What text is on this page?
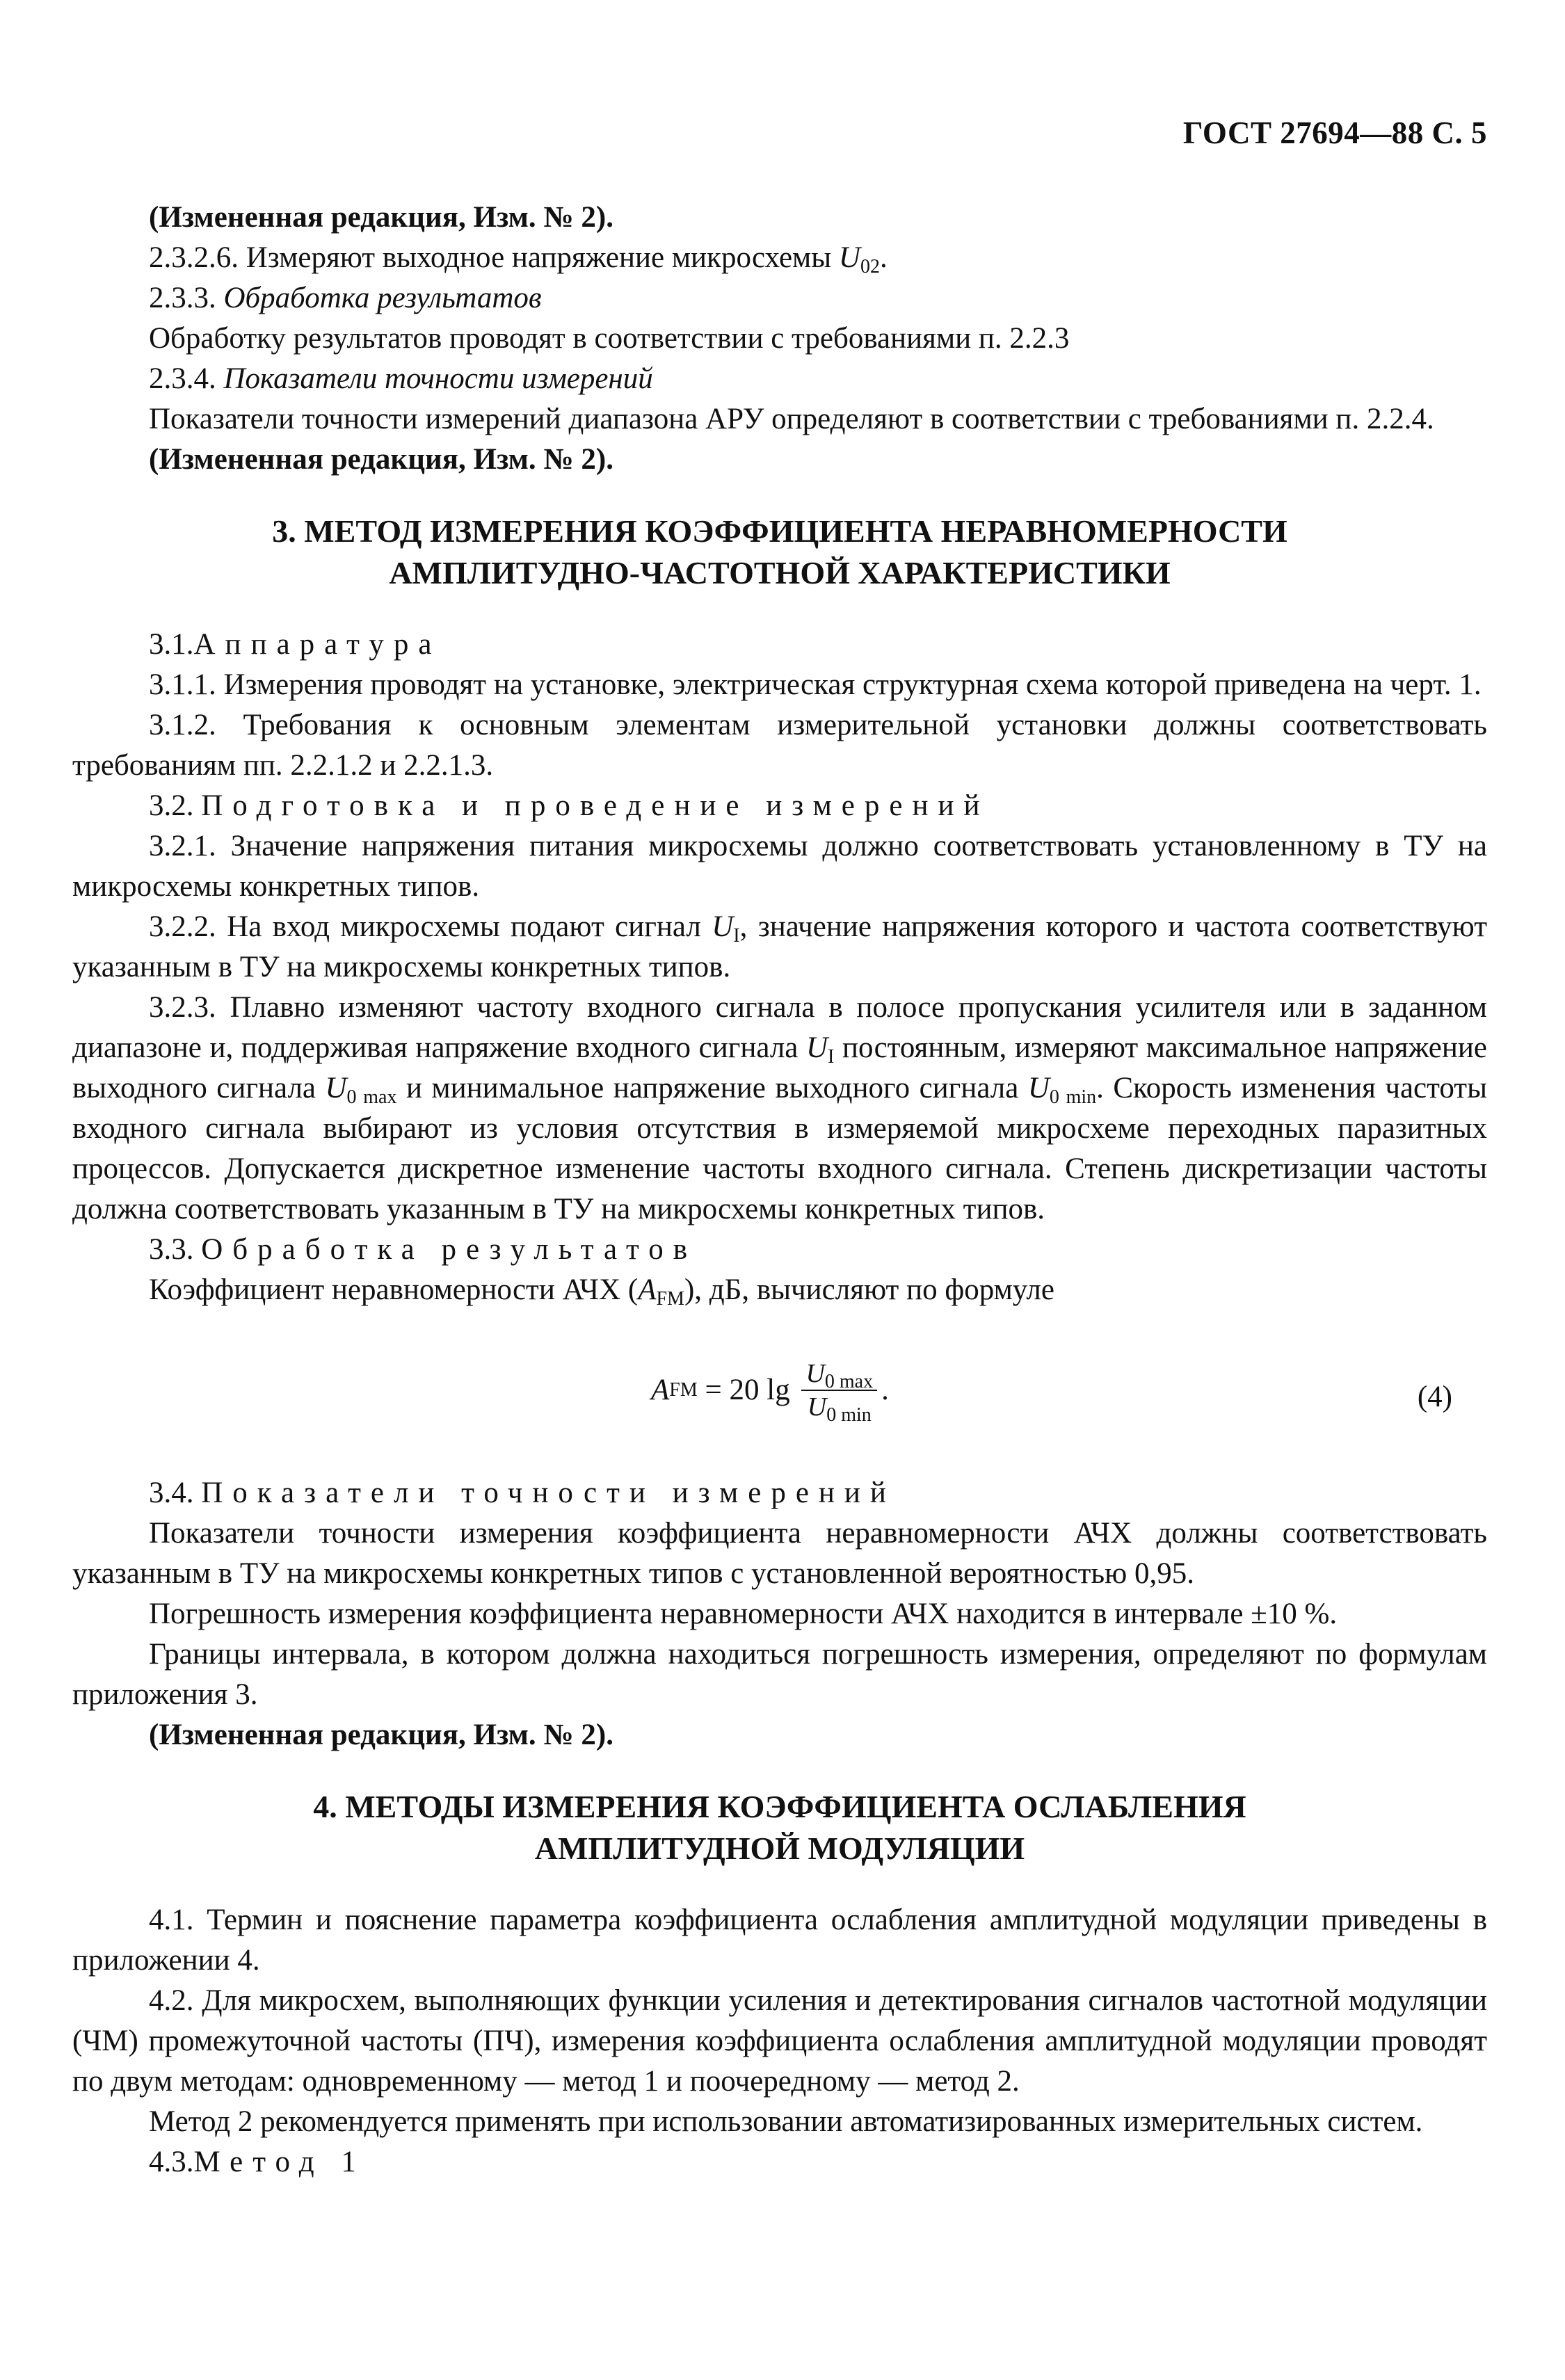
ГОСТ 27694—88 С. 5

(Измененная редакция, Изм. № 2).

2.3.2.6. Измеряют выходное напряжение микросхемы $U_{02}$.

2.3.3. Обработка результатов

Обработку результатов проводят в соответствии с требованиями п. 2.2.3

2.3.4. Показатели точности измерений

Показатели точности измерений диапазона АРУ определяют в соответствии с требованиями п. 2.2.4.

(Измененная редакция, Изм. № 2).

3. МЕТОД ИЗМЕРЕНИЯ КОЭФФИЦИЕНТА НЕРАВНОМЕРНОСТИ
АМПЛИТУДНО-ЧАСТОТНОЙ ХАРАКТЕРИСТИКИ

3.1.Аппаратура

3.1.1. Измерения проводят на установке, электрическая структурная схема которой приведена на черт. 1.

3.1.2. Требования к основным элементам измерительной установки должны соответствовать требованиям пп. 2.2.1.2 и 2.2.1.3.

3.2. Подготовка и проведение измерений

3.2.1. Значение напряжения питания микросхемы должно соответствовать установленному в ТУ на микросхемы конкретных типов.

3.2.2. На вход микросхемы подают сигнал $U_I$, значение напряжения которого и частота соответствуют указанным в ТУ на микросхемы конкретных типов.

3.2.3. Плавно изменяют частоту входного сигнала в полосе пропускания усилителя или в заданном диапазоне и, поддерживая напряжение входного сигнала $U_I$ постоянным, измеряют максимальное напряжение выходного сигнала $U_{0 max}$ и минимальное напряжение выходного сигнала $U_{0 min}$. Скорость изменения частоты входного сигнала выбирают из условия отсутствия в измеряемой микросхеме переходных паразитных процессов. Допускается дискретное изменение частоты входного сигнала. Степень дискретизации частоты должна соответствовать указанным в ТУ на микросхемы конкретных типов.

3.3. Обработка результатов

Коэффициент неравномерности АЧХ $(A_{FM})$, дБ, вычисляют по формуле

A FM = 20 $\lg \frac{U_{0 max}}{U_{0 min}}$ .	(4)

3.4. Показатели точности измерений

Показатели точности измерения коэффициента неравномерности АЧХ должны соответствовать указанным в ТУ на микросхемы конкретных типов с установленной вероятностью 0,95.

Погрешность измерения коэффициента неравномерности АЧХ находится в интервале ±10 %.

Границы интервала, в котором должна находиться погрешность измерения, определяют по формулам приложения 3.

(Измененная редакция, Изм. № 2).

4. МЕТОДЫ ИЗМЕРЕНИЯ КОЭФФИЦИЕНТА ОСЛАБЛЕНИЯ
АМПЛИТУДНОЙ МОДУЛЯЦИИ

4.1. Термин и пояснение параметра коэффициента ослабления амплитудной модуляции приведены в приложении 4.

4.2. Для микросхем, выполняющих функции усиления и детектирования сигналов частотной модуляции (ЧМ) промежуточной частоты (ПЧ), измерения коэффициента ослабления амплитудной модуляции проводят по двум методам: одновременному — метод 1 и поочередному — метод 2.

Метод 2 рекомендуется применять при использовании автоматизированных измерительных систем.

4.3.Метод 1
